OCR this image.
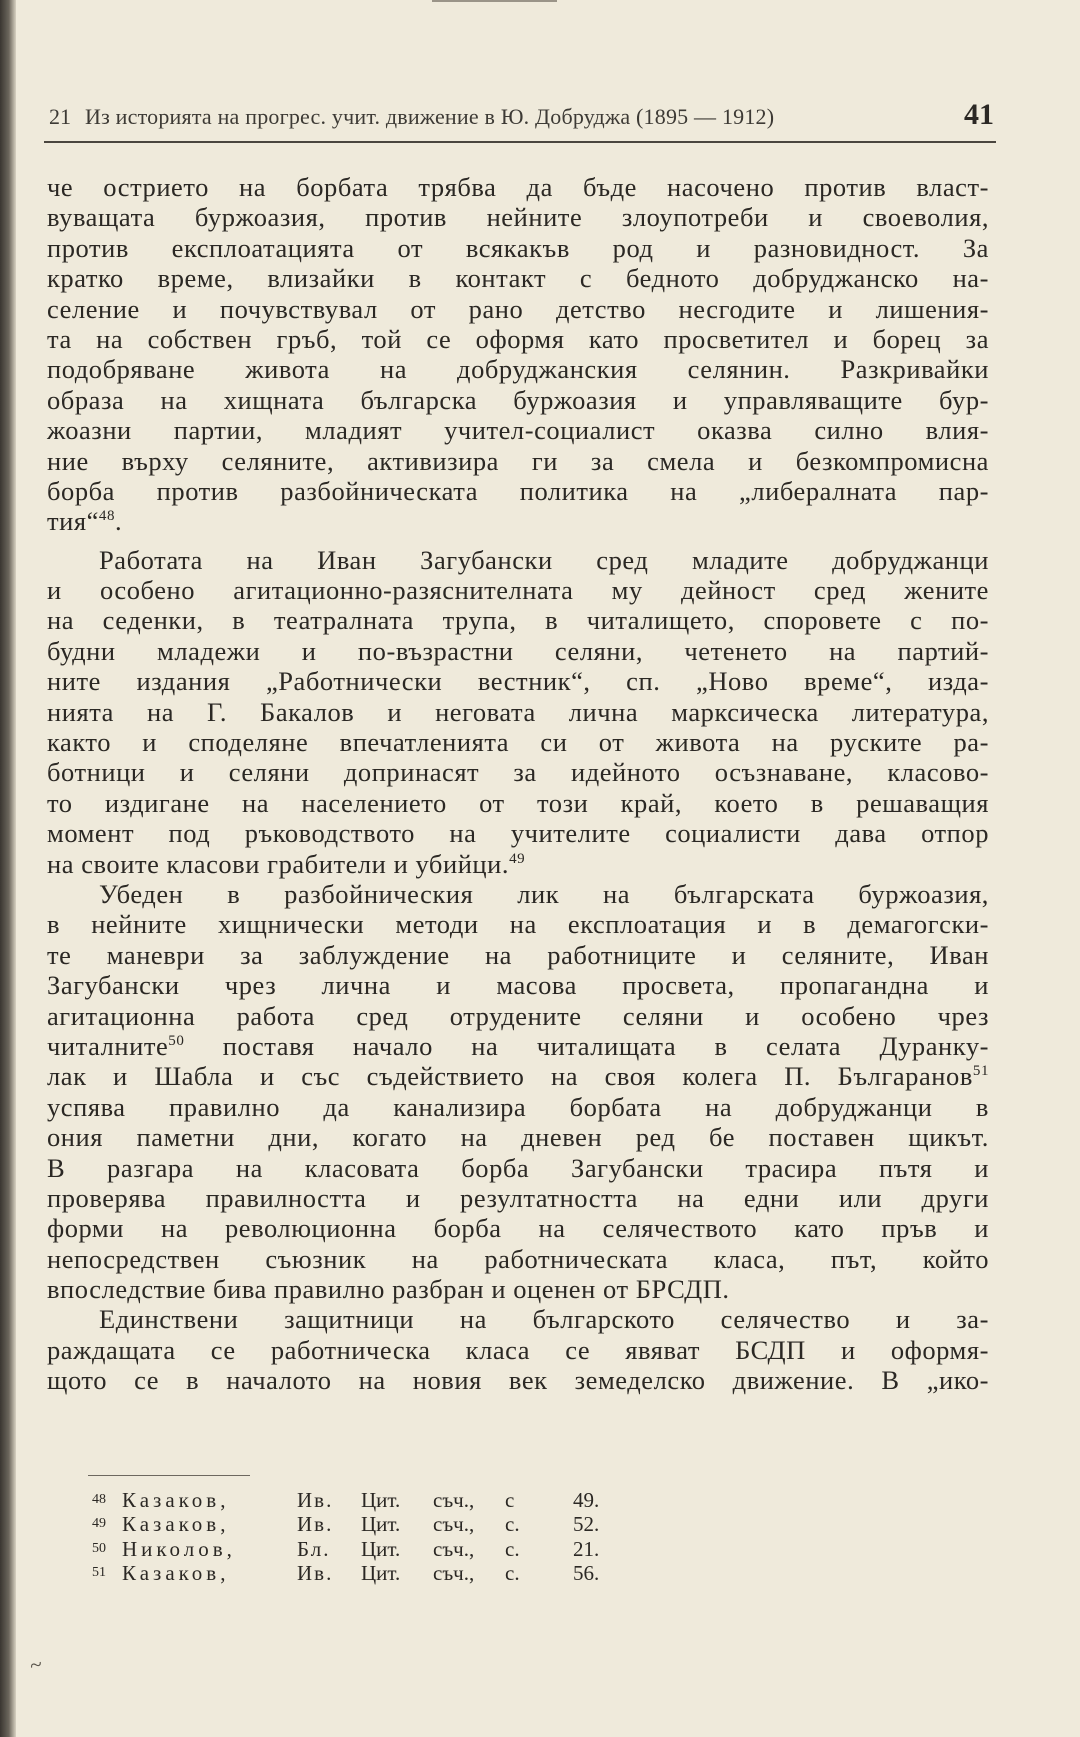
21 Из историята на прогрес. учит. движение в Ю. Добруджа (1895 — 1912)	41
че острието на борбата трябва да бъде насочено против власт-
вуващата буржоазия, против нейните злоупотреби и своеволия,
против експлоатацията от всякакъв род и разновидност. За
кратко време, влизайки в контакт с бедното добруджанско на-
селение и почувствувал от рано детство несгодите и лишения-
та на собствен гръб, той се оформя като просветител и борец за
подобряване живота на добруджанския селянин. Разкривайки
образа на хищната българска буржоазия и управляващите бур-
жоазни партии, младият учител-социалист оказва силно влия-
ние върху селяните, активизира ги за смела и безкомпромисна
борба против разбойническата политика на „либералната пар-
тия“$^{48}$.
Работата на Иван Загубански сред младите добруджанци
и особено агитационно-разяснителната му дейност сред жените
на седенки, в театралната трупа, в читалището, споровете с по-
будни младежи и по-възрастни селяни, четенето на партий-
ните издания „Работнически вестник“, сп. „Ново време“, изда-
нията на Г. Бакалов и неговата лична марксическа литература,
както и споделяне впечатленията си от живота на руските ра-
ботници и селяни допринасят за идейното осъзнаване, класово-
то издигане на населението от този край, което в решаващия
момент под ръководството на учителите социалисти дава отпор
на своите класови грабители и убийци.$^{49}$
Убеден в разбойническия лик на българската буржоазия,
в нейните хищнически методи на експлоатация и в демагогски-
те маневри за заблуждение на работниците и селяните, Иван
Загубански чрез лична и масова просвета, пропагандна и
агитационна работа сред отрудените селяни и особено чрез
читалните$^{50}$ поставя начало на читалищата в селата Дуранку-
лак и Шабла и със съдействието на своя колега П. Българанов$^{51}$
успява правилно да канализира борбата на добруджанци в
ония паметни дни, когато на дневен ред бе поставен щикът.
В разгара на класовата борба Загубански трасира пътя и
проверява правилността и резултатността на едни или други
форми на революционна борба на селячеството като пръв и
непосредствен съюзник на работническата класа, път, който
впоследствие бива правилно разбран и оценен от БРСДП.
Единствени защитници на българското селячество и за-
раждащата се работническа класа се явяват БСДП и оформя-
щото се в началото на новия век земеделско движение. В „ико-
48 Казаков,	Ив.	Цит.	съч.,	с	49.
49 Казаков,	Ив.	Цит.	съч.,	с.	52.
50 Николов,	Бл.	Цит.	съч.,	с.	21.
51 Казаков,	Ив.	Цит.	съч.,	с.	56.
~
